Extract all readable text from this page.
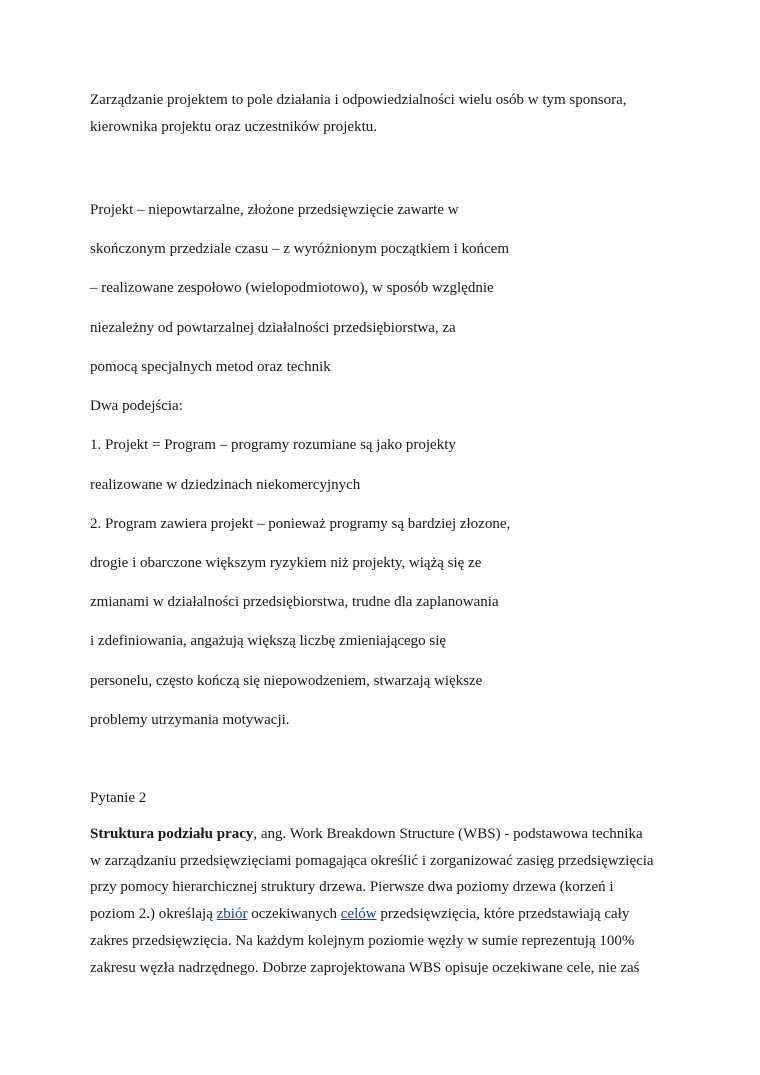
Zarządzanie projektem to pole działania i odpowiedzialności wielu osób w tym sponsora,
kierownika projektu oraz uczestników projektu.
Projekt – niepowtarzalne, złożone przedsięwzięcie zawarte w
skończonym przedziale czasu – z wyróżnionym początkiem i końcem
– realizowane zespołowo (wielopodmiotowo), w sposób względnie
niezależny od powtarzalnej działalności przedsiębiorstwa, za
pomocą specjalnych metod oraz technik
Dwa podejścia:
1. Projekt = Program – programy rozumiane są jako projekty
realizowane w dziedzinach niekomercyjnych
2. Program zawiera projekt – ponieważ programy są bardziej złozone,
drogie i obarczone większym ryzykiem niż projekty, wiążą się ze
zmianami w działalności przedsiębiorstwa, trudne dla zaplanowania
i zdefiniowania, angażują większą liczbę zmieniającego się
personelu, często kończą się niepowodzeniem, stwarzają większe
problemy utrzymania motywacji.
Pytanie 2
Struktura podziału pracy, ang. Work Breakdown Structure (WBS) - podstawowa technika
w zarządzaniu przedsięwzięciami pomagająca określić i zorganizować zasięg przedsięwzięcia
przy pomocy hierarchicznej struktury drzewa. Pierwsze dwa poziomy drzewa (korzeń i
poziom 2.) określają zbiór oczekiwanych celów przedsięwzięcia, które przedstawiają cały
zakres przedsięwzięcia. Na każdym kolejnym poziomie węzły w sumie reprezentują 100%
zakresu węzła nadrzędnego. Dobrze zaprojektowana WBS opisuje oczekiwane cele, nie zaś
